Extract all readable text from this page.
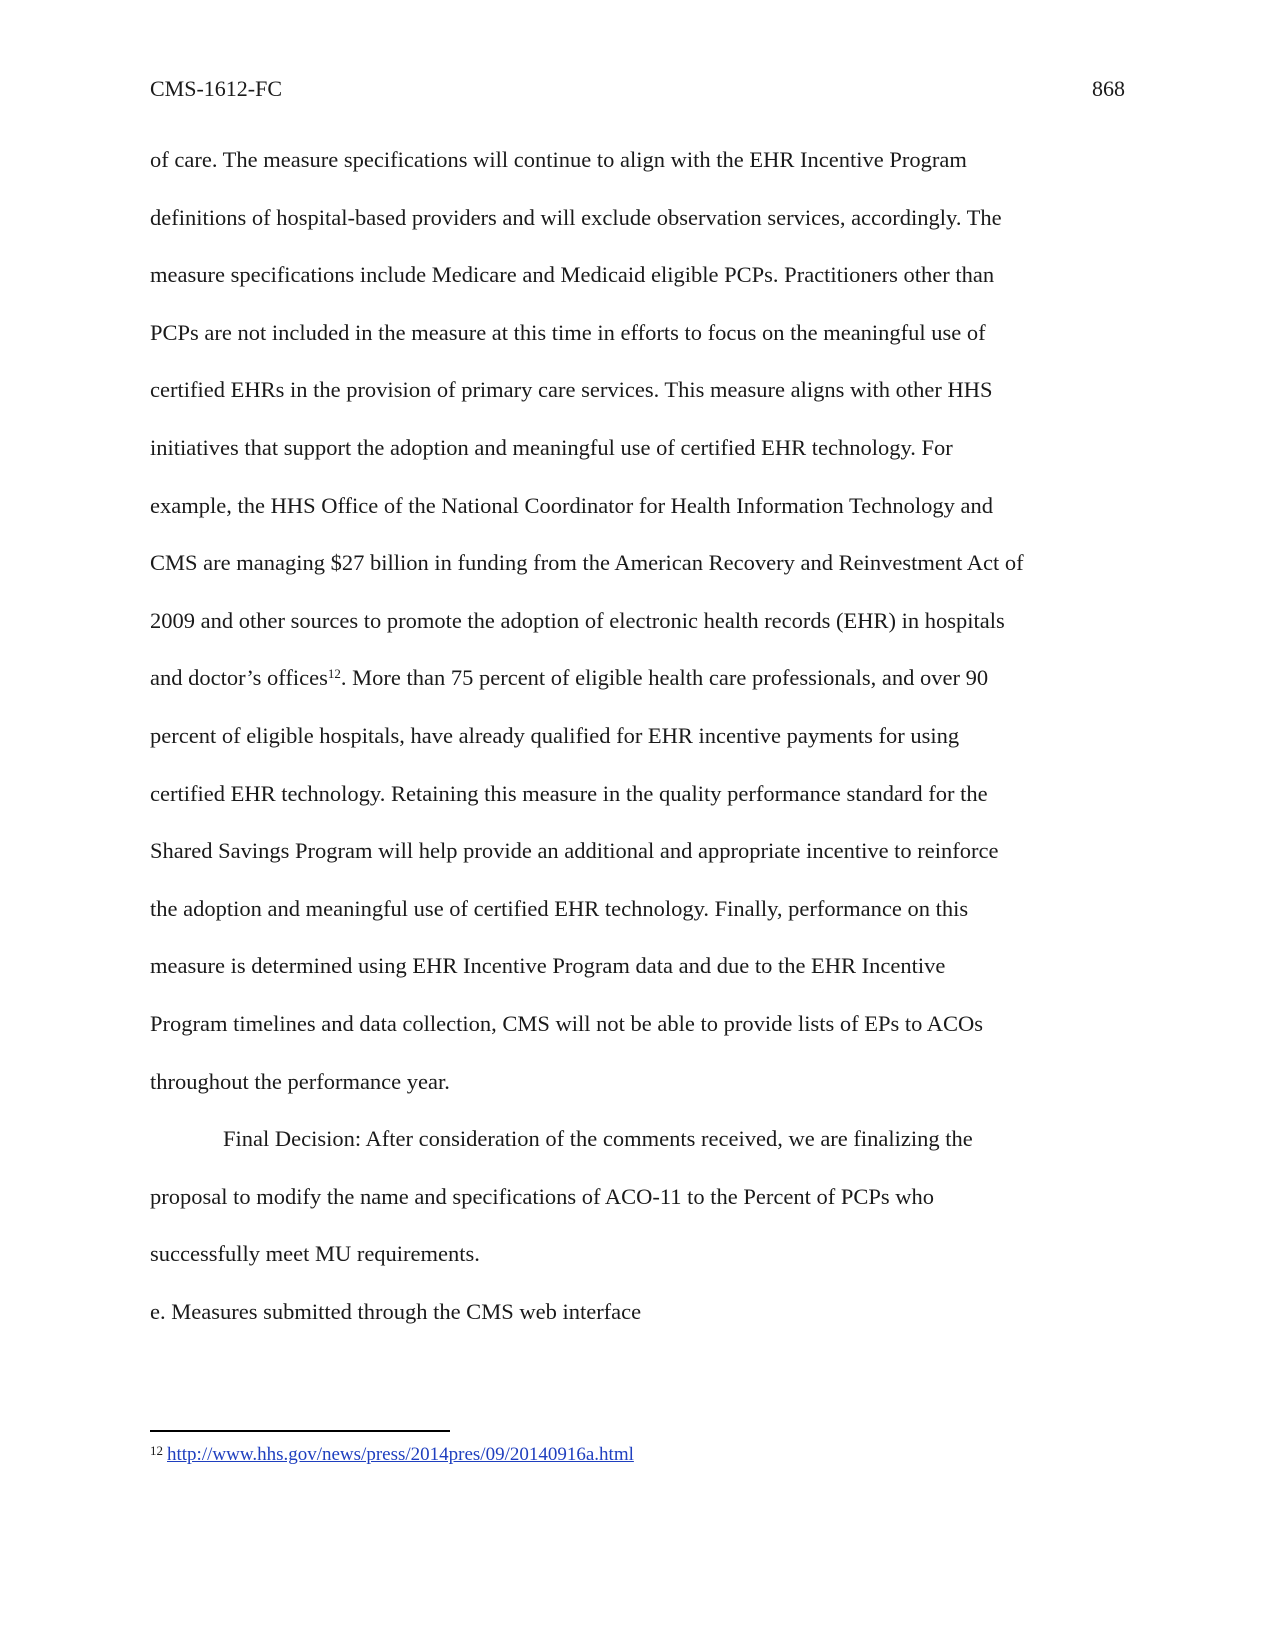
CMS-1612-FC	868
of care. The measure specifications will continue to align with the EHR Incentive Program
definitions of hospital-based providers and will exclude observation services, accordingly. The
measure specifications include Medicare and Medicaid eligible PCPs. Practitioners other than
PCPs are not included in the measure at this time in efforts to focus on the meaningful use of
certified EHRs in the provision of primary care services. This measure aligns with other HHS
initiatives that support the adoption and meaningful use of certified EHR technology. For
example, the HHS Office of the National Coordinator for Health Information Technology and
CMS are managing $27 billion in funding from the American Recovery and Reinvestment Act of
2009 and other sources to promote the adoption of electronic health records (EHR) in hospitals
and doctor’s offices$^{12}$. More than 75 percent of eligible health care professionals, and over 90
percent of eligible hospitals, have already qualified for EHR incentive payments for using
certified EHR technology. Retaining this measure in the quality performance standard for the
Shared Savings Program will help provide an additional and appropriate incentive to reinforce
the adoption and meaningful use of certified EHR technology. Finally, performance on this
measure is determined using EHR Incentive Program data and due to the EHR Incentive
Program timelines and data collection, CMS will not be able to provide lists of EPs to ACOs
throughout the performance year.
Final Decision: After consideration of the comments received, we are finalizing the
proposal to modify the name and specifications of ACO-11 to the Percent of PCPs who
successfully meet MU requirements.
e. Measures submitted through the CMS web interface
$^{12}$ http://www.hhs.gov/news/press/2014pres/09/20140916a.html
